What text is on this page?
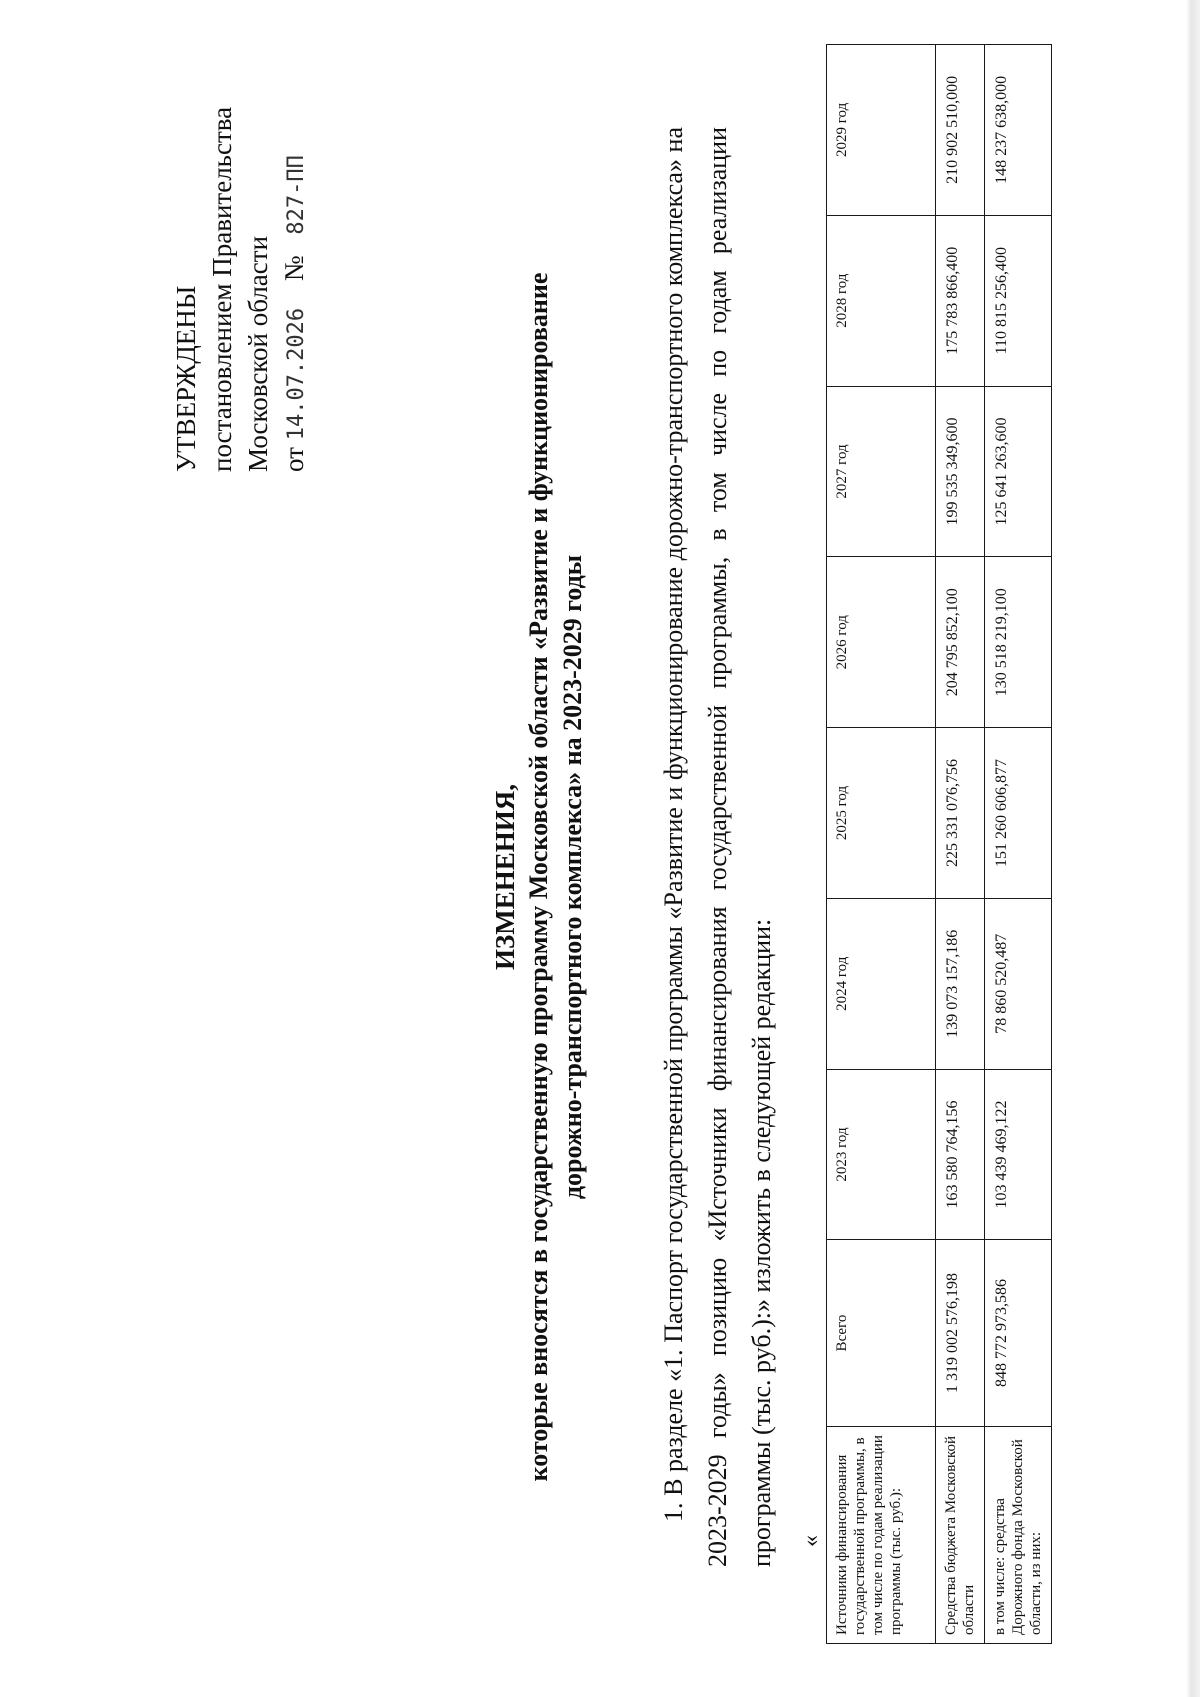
УТВЕРЖДЕНЫ постановлением Правительства Московской области от 14.07.2026 № 827-ПП
ИЗМЕНЕНИЯ, которые вносятся в государственную программу Московской области «Развитие и функционирование дорожно-транспортного комплекса» на 2023-2029 годы	1. В разделе «1. Паспорт государственной программы «Развитие и функционирование дорожно-транспортного комплекса» на 2023-2029 годы» позицию «Источники финансирования государственной программы, в том числе по годам реализации программы (тыс. руб.):» изложить в следующей редакции: « Источники финансирования государственной программы, в том числе по годам реализации программы (тыс. руб.):	Всего	2023 год	2024 год	2025 год	2026 год	2027 год	2028 год	2029 год
Средства бюджета Московской области	1 319 002 576,198	163 580 764,156	139 073 157,186	225 331 076,756	204 795 852,100	199 535 349,600	175 783 866,400	210 902 510,000
в том числе: средства Дорожного фонда Московской области, из них:	848 772 973,586	103 439 469,122	78 860 520,487	151 260 606,877	130 518 219,100	125 641 263,600	110 815 256,400	148 237 638,000
